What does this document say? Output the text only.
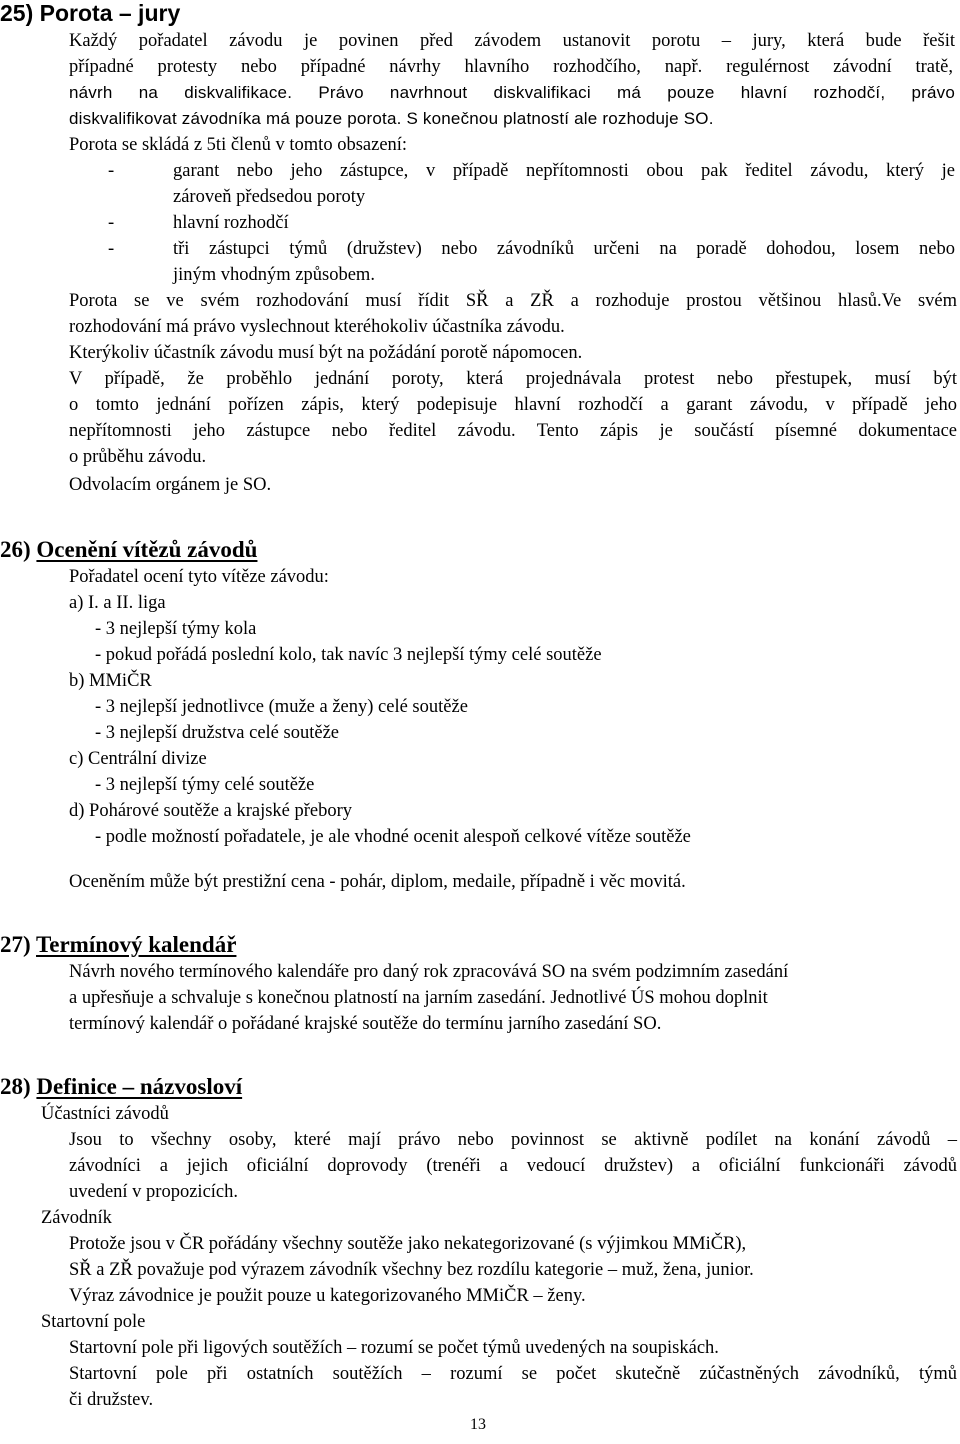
25) Porota – jury
Každý pořadatel závodu je povinen před závodem ustanovit porotu – jury, která bude řešit
případné protesty nebo případné návrhy hlavního rozhodčího, např. regulérnost závodní tratě,
návrh na diskvalifikace. Právo navrhnout diskvalifikaci má pouze hlavní rozhodčí, právo
diskvalifikovat závodníka má pouze porota. S konečnou platností ale rozhoduje SO.
Porota se skládá z 5ti členů v tomto obsazení:
-	garant nebo jeho zástupce, v případě nepřítomnosti obou pak ředitel závodu, který je
zároveň předsedou poroty
-	hlavní rozhodčí
-	tři zástupci týmů (družstev) nebo závodníků určeni na poradě dohodou, losem nebo
jiným vhodným způsobem.
Porota se ve svém rozhodování musí řídit SŘ a ZŘ a rozhoduje prostou většinou hlasů.Ve svém
rozhodování má právo vyslechnout kteréhokoliv účastníka závodu.
Kterýkoliv účastník závodu musí být na požádání porotě nápomocen.
V případě, že proběhlo jednání poroty, která projednávala protest nebo přestupek, musí být
o tomto jednání pořízen zápis, který podepisuje hlavní rozhodčí a garant závodu, v případě jeho
nepřítomnosti jeho zástupce nebo ředitel závodu. Tento zápis je součástí písemné dokumentace
o průběhu závodu.
Odvolacím orgánem je SO.
26) Ocenění vítězů závodů
Pořadatel ocení tyto vítěze závodu:
a) I. a II. liga
- 3 nejlepší týmy kola
- pokud pořádá poslední kolo, tak navíc 3 nejlepší týmy celé soutěže
b) MMiČR
- 3 nejlepší jednotlivce (muže a ženy) celé soutěže
- 3 nejlepší družstva celé soutěže
c) Centrální divize
- 3 nejlepší týmy celé soutěže
d) Pohárové soutěže a krajské přebory
- podle možností pořadatele, je ale vhodné ocenit alespoň celkové vítěze soutěže
Oceněním může být prestižní cena - pohár, diplom, medaile, případně i věc movitá.
27) Termínový kalendář
Návrh nového termínového kalendáře pro daný rok zpracovává SO na svém podzimním zasedání
a upřesňuje a schvaluje s konečnou platností na jarním zasedání. Jednotlivé ÚS mohou doplnit
termínový kalendář o pořádané krajské soutěže do termínu jarního zasedání SO.
28) Definice – názvosloví
Účastníci závodů
Jsou to všechny osoby, které mají právo nebo povinnost se aktivně podílet na konání závodů –
závodníci a jejich oficiální doprovody (trenéři a vedoucí družstev) a oficiální funkcionáři závodů
uvedení v propozicích.
Závodník
Protože jsou v ČR pořádány všechny soutěže jako nekategorizované (s výjimkou MMiČR),
SŘ a ZŘ považuje pod výrazem závodník všechny bez rozdílu kategorie – muž, žena, junior.
Výraz závodnice je použit pouze u kategorizovaného MMiČR – ženy.
Startovní pole
Startovní pole při ligových soutěžích – rozumí se počet týmů uvedených na soupiskách.
Startovní pole při ostatních soutěžích – rozumí se počet skutečně zúčastněných závodníků, týmů
či družstev.
13
